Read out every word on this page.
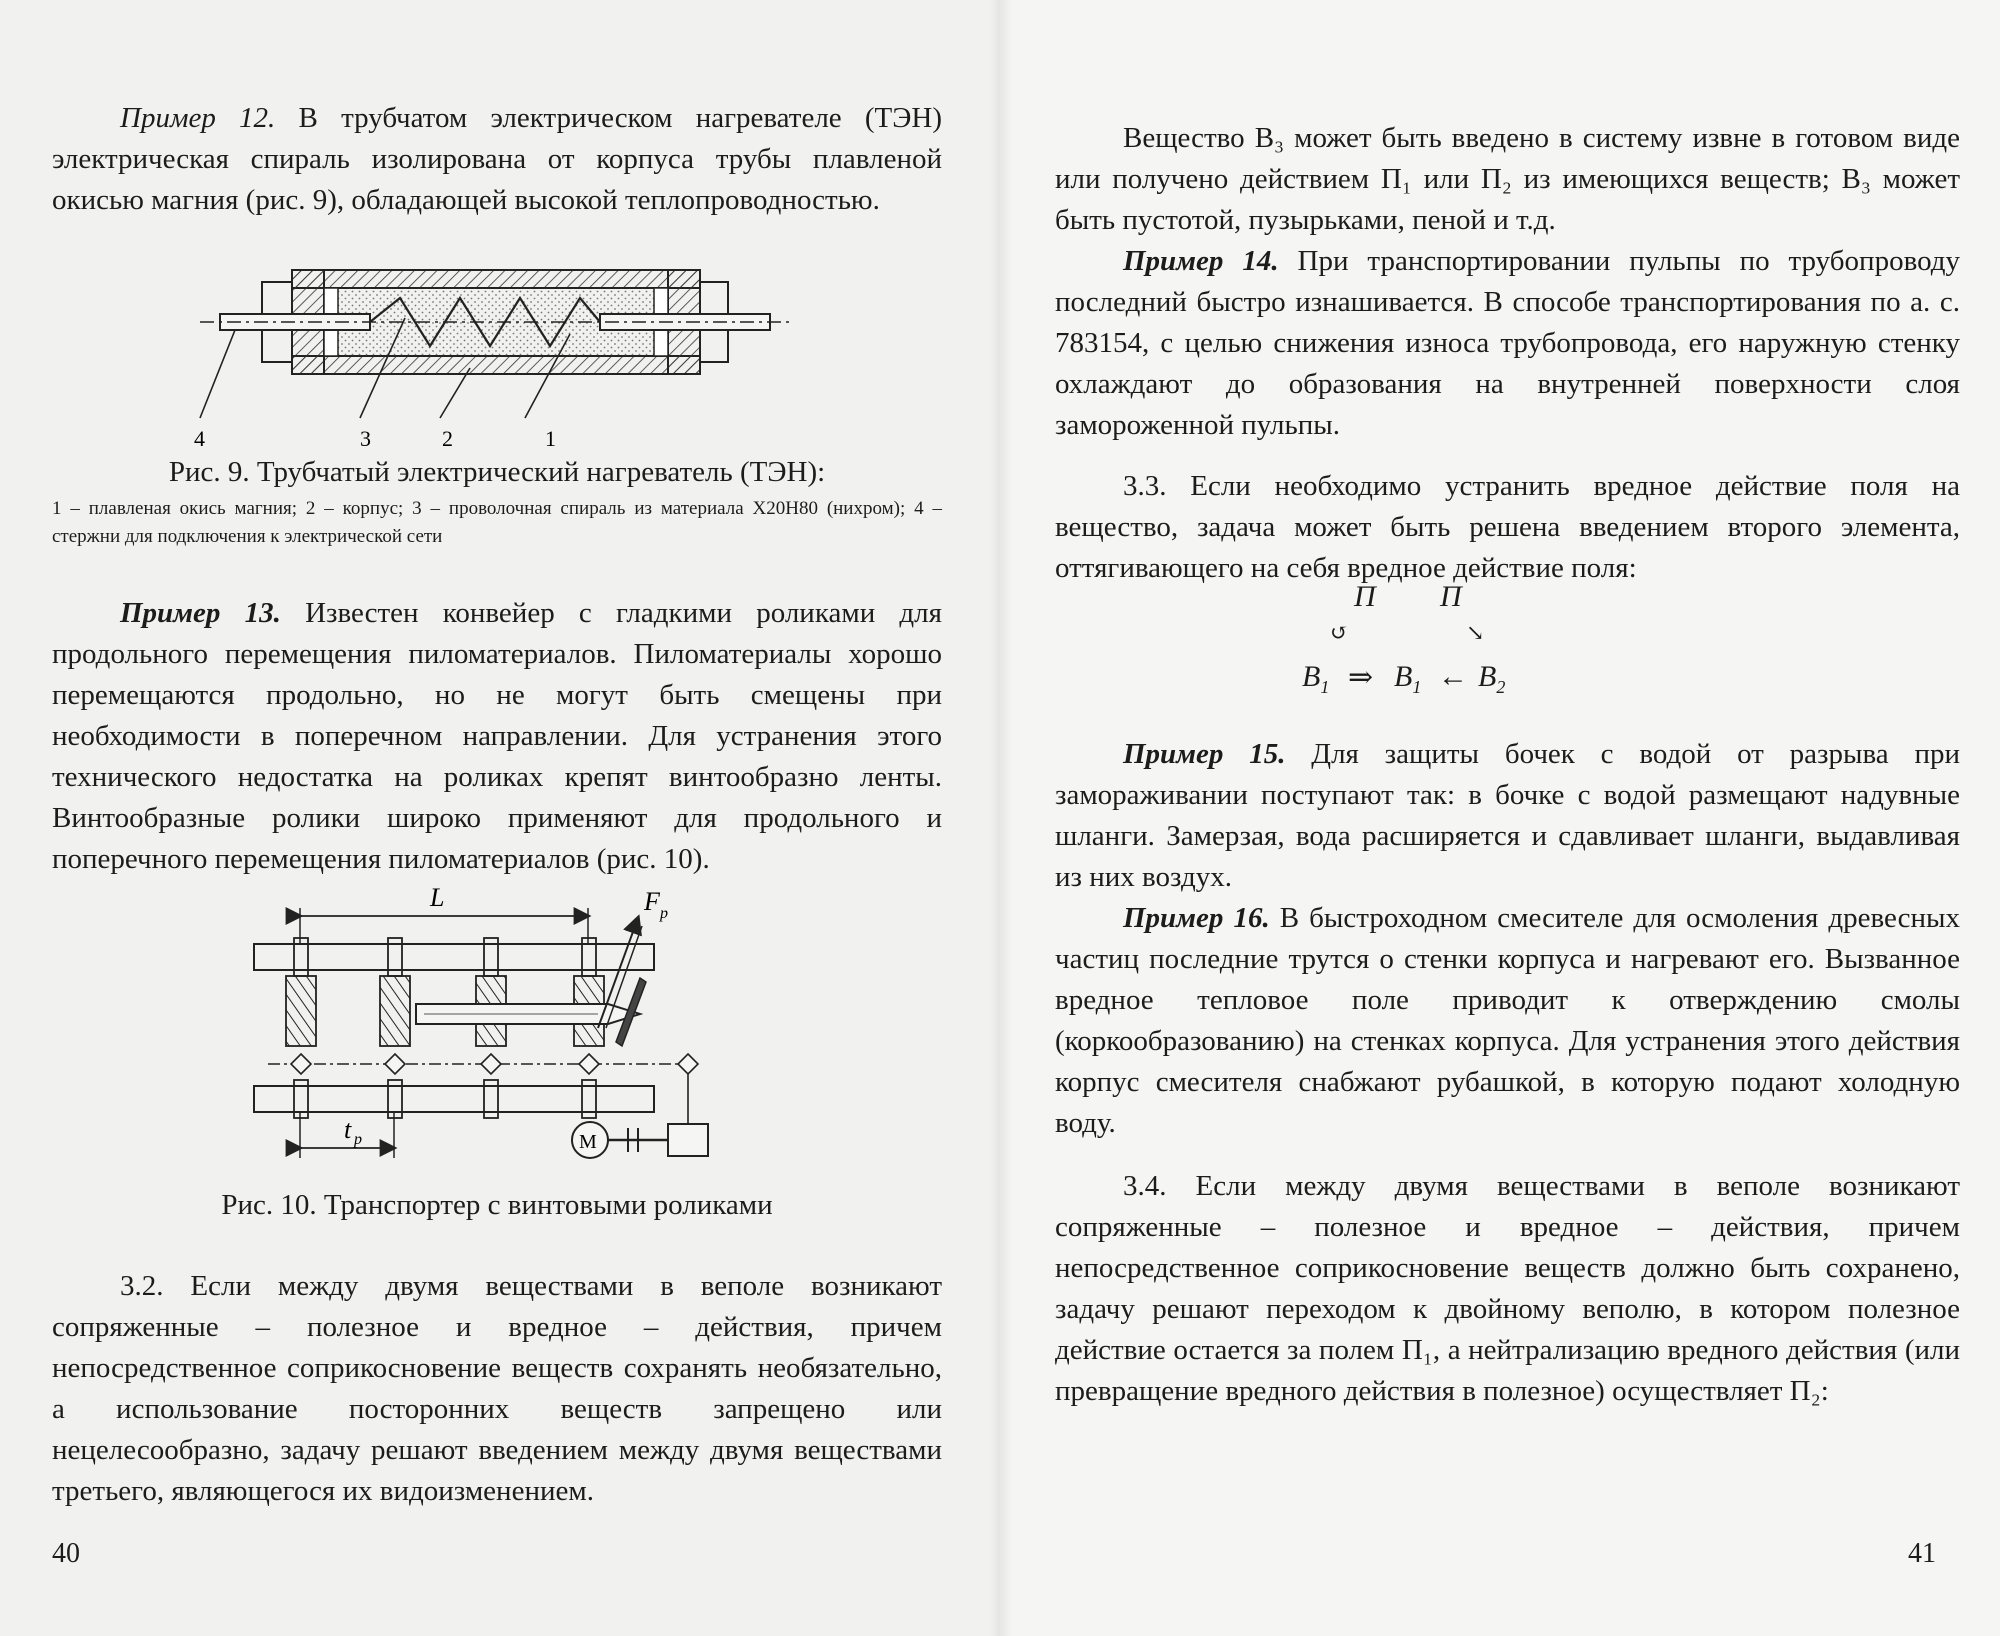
Пример 12. В трубчатом электрическом нагревателе (ТЭН) электрическая спираль изолирована от корпуса трубы плавленой окисью магния (рис. 9), обладающей высокой теплопроводностью.

4	3	2	1
Рис. 9. Трубчатый электрический нагреватель (ТЭН):

1 – плавленая окись магния; 2 – корпус; 3 – проволочная спираль из материала Х20Н80 (нихром); 4 – стержни для подключения к электрической сети

Пример 13. Известен конвейер с гладкими роликами для продольного перемещения пиломатериалов. Пиломатериалы хорошо перемещаются продольно, но не могут быть смещены при необходимости в поперечном направлении. Для устранения этого технического недостатка на роликах крепят винтообразно ленты. Винтообразные ролики широко применяют для продольного и поперечного перемещения пиломатериалов (рис. 10).

L	F p
t p	M
Рис. 10. Транспортер с винтовыми роликами

3.2. Если между двумя веществами в веполе возникают сопряженные – полезное и вредное – действия, причем непосредственное соприкосновение веществ сохранять необязательно, а использование посторонних веществ запрещено или нецелесообразно, задачу решают введением между двумя веществами третьего, являющегося их видоизменением.

40

Вещество В₃ может быть введено в систему извне в готовом виде или получено действием П₁ или П₂ из имеющихся веществ; В₃ может быть пустотой, пузырьками, пеной и т.д.

Пример 14. При транспортировании пульпы по трубопроводу последний быстро изнашивается. В способе транспортирования по а. с. 783154, с целью снижения износа трубопровода, его наружную стенку охлаждают до образования на внутренней поверхности слоя замороженной пульпы.

3.3. Если необходимо устранить вредное действие поля на вещество, задача может быть решена введением второго элемента, оттягивающего на себя вредное действие поля:

П П
↺	↘
$В_1$ ⇒ $В_1$ ← $В_2$

Пример 15. Для защиты бочек с водой от разрыва при замораживании поступают так: в бочке с водой размещают надувные шланги. Замерзая, вода расширяется и сдавливает шланги, выдавливая из них воздух.

Пример 16. В быстроходном смесителе для осмоления древесных частиц последние трутся о стенки корпуса и нагревают его. Вызванное вредное тепловое поле приводит к отверждению смолы (коркообразованию) на стенках корпуса. Для устранения этого действия корпус смесителя снабжают рубашкой, в которую подают холодную воду.

3.4. Если между двумя веществами в веполе возникают сопряженные – полезное и вредное – действия, причем непосредственное соприкосновение веществ должно быть сохранено, задачу решают переходом к двойному веполю, в котором полезное действие остается за полем П₁, а нейтрализацию вредного действия (или превращение вредного действия в полезное) осуществляет П₂:

41
